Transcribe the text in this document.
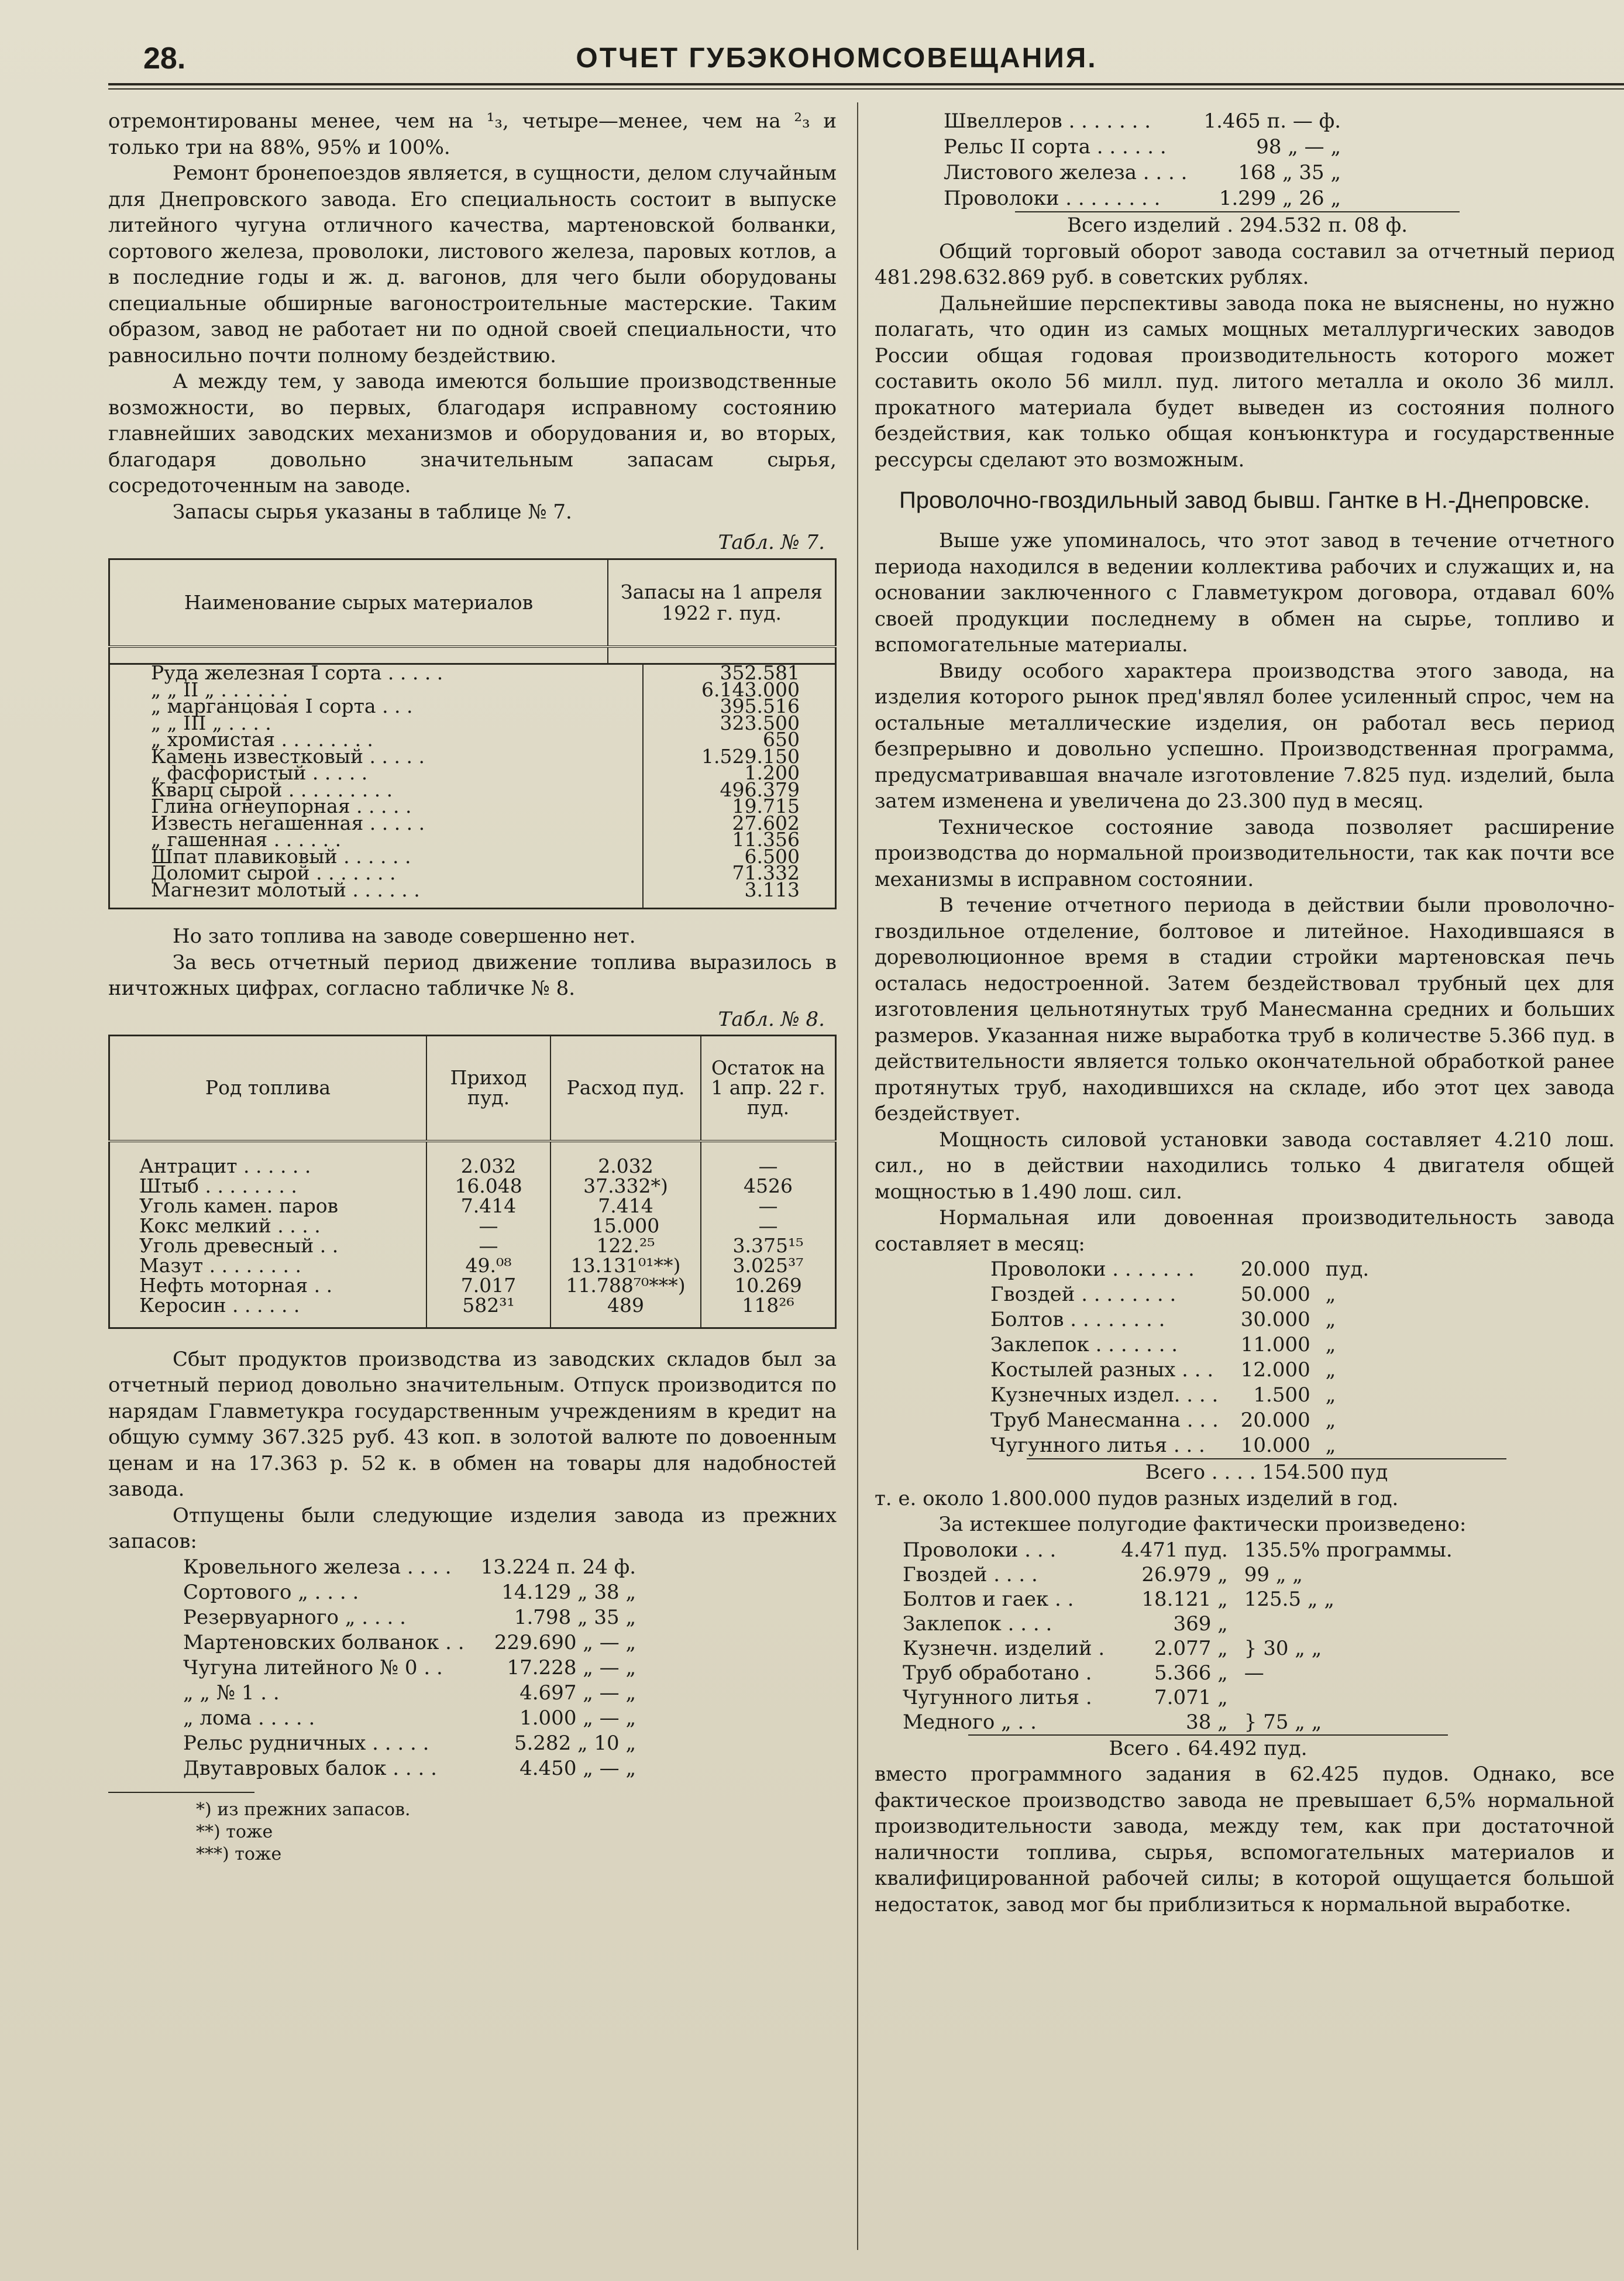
28.	ОТЧЕТ ГУБЭКОНОМСОВЕЩАНИЯ.

отремонтированы менее, чем на ¹₃, четыре—менее, чем на ²₃ и только три на 88%, 95% и 100%.

Ремонт бронепоездов является, в сущности, делом случайным для Днепровского завода. Его специальность состоит в выпуске литейного чугуна отличного качества, мартеновской болванки, сортового железа, проволоки, листового железа, паровых котлов, а в последние годы и ж. д. вагонов, для чего были оборудованы специальные обширные вагоностроительные мастерские. Таким образом, завод не работает ни по одной своей специальности, что равносильно почти полному бездействию.

А между тем, у завода имеются большие производственные возможности, во первых, благодаря исправному состоянию главнейших заводских механизмов и оборудования и, во вторых, благодаря довольно значительным запасам сырья, сосредоточенным на заводе.

Запасы сырья указаны в таблице № 7.

Табл. № 7.
Наименование сырых материалов	Запасы на 1 апреля 1922 г. пуд.

Руда железная I сорта . . . . .	352.581
„ „ II „ . . . . . .	6.143.000
„ марганцовая I сорта . . .	395.516
„ „ III „ . . . .	323.500
„ хромистая . . . . . . . .	650
Камень известковый . . . . .	1.529.150
„ фасфористый . . . . .	1.200
Кварц сырой . . . . . . . . .	496.379
Глина огнеупорная . . . . .	19.715
Известь негашенная . . . . .	27.602
„ гашенная . . . . . .	11.356
Шпат плавиковый . . . . . .	6.500
Доломит сырой . . . . . . .	71.332
Магнезит молотый . . . . . .	3.113

Но зато топлива на заводе совершенно нет.

За весь отчетный период движение топлива выразилось в ничтожных цифрах, согласно табличке № 8.

Табл. № 8.
Род топлива	Приход пуд.	Расход пуд.	Остаток на 1 апр. 22 г. пуд.

Антрацит . . . . . .	2.032	2.032	—
Штыб . . . . . . . .	16.048	37.332*)	4526
Уголь камен. паров	7.414	7.414	—
Кокс мелкий . . . .	—	15.000	—
Уголь древесный . .	—	122.²⁵	3.375¹⁵
Мазут . . . . . . . .	49.⁰⁸	13.131⁰¹**)	3.025³⁷
Нефть моторная . .	7.017	11.788⁷⁰***)	10.269
Керосин . . . . . .	582³¹	489	118²⁶

Сбыт продуктов производства из заводских складов был за отчетный период довольно значительным. Отпуск производится по нарядам Главметукра государственным учреждениям в кредит на общую сумму 367.325 руб. 43 коп. в золотой валюте по довоенным ценам и на 17.363 р. 52 к. в обмен на товары для надобностей завода.

Отпущены были следующие изделия завода из прежних запасов:

Кровельного железа . . . .	13.224 п. 24 ф.
Сортового „ . . . .	14.129 „ 38 „
Резервуарного „ . . . .	1.798 „ 35 „
Мартеновских болванок . .	229.690 „ — „
Чугуна литейного № 0 . .	17.228 „ — „
„ „ № 1 . .	4.697 „ — „
„ лома . . . . .	1.000 „ — „
Рельс рудничных . . . . .	5.282 „ 10 „
Двутавровых балок . . . .	4.450 „ — „
*) из прежних запасов.
**) тоже
***) тоже
Швеллеров . . . . . . .	1.465 п. — ф.
Рельс II сорта . . . . . .	98 „ — „
Листового железа . . . .	168 „ 35 „
Проволоки . . . . . . . .	1.299 „ 26 „
Всего изделий . 294.532 п. 08 ф.

Общий торговый оборот завода составил за отчетный период 481.298.632.869 руб. в советских рублях.

Дальнейшие перспективы завода пока не выяснены, но нужно полагать, что один из самых мощных металлургических заводов России общая годовая производительность которого может составить около 56 милл. пуд. литого металла и около 36 милл. прокатного материала будет выведен из состояния полного бездействия, как только общая конъюнктура и государственные рессурсы сделают это возможным.

Проволочно-гвоздильный завод бывш. Гантке в Н.-Днепровске.

Выше уже упоминалось, что этот завод в течение отчетного периода находился в ведении коллектива рабочих и служащих и, на основании заключенного с Главметукром договора, отдавал 60% своей продукции последнему в обмен на сырье, топливо и вспомогательные материалы.

Ввиду особого характера производства этого завода, на изделия которого рынок пред'являл более усиленный спрос, чем на остальные металлические изделия, он работал весь период безпрерывно и довольно успешно. Производственная программа, предусматривавшая вначале изготовление 7.825 пуд. изделий, была затем изменена и увеличена до 23.300 пуд в месяц.

Техническое состояние завода позволяет расширение производства до нормальной производительности, так как почти все механизмы в исправном состоянии.

В течение отчетного периода в действии были проволочно-гвоздильное отделение, болтовое и литейное. Находившаяся в дореволюционное время в стадии стройки мартеновская печь осталась недостроенной. Затем бездействовал трубный цех для изготовления цельнотянутых труб Манесманна средних и больших размеров. Указанная ниже выработка труб в количестве 5.366 пуд. в действительности является только окончательной обработкой ранее протянутых труб, находившихся на складе, ибо этот цех завода бездействует.

Мощность силовой установки завода составляет 4.210 лош. сил., но в действии находились только 4 двигателя общей мощностью в 1.490 лош. сил.

Нормальная или довоенная производительность завода составляет в месяц:

Проволоки . . . . . . .	20.000	пуд.
Гвоздей . . . . . . . .	50.000	„
Болтов . . . . . . . .	30.000	„
Заклепок . . . . . . .	11.000	„
Костылей разных . . .	12.000	„
Кузнечных издел. . . .	1.500	„
Труб Манесманна . . .	20.000	„
Чугунного литья . . .	10.000	„
Всего . . . . 154.500 пуд

т. е. около 1.800.000 пудов разных изделий в год.

За истекшее полугодие фактически произведено:

Проволоки . . .	4.471 пуд.	135.5% программы.
Гвоздей . . . .	26.979 „	99 „ „
Болтов и гаек . .	18.121 „	125.5 „ „
Заклепок . . . .	369 „	
Кузнечн. изделий .	2.077 „	} 30 „ „
Труб обработано .	5.366 „	—
Чугунного литья .	7.071 „	
Медного „ . .	38 „	} 75 „ „
Всего . 64.492 пуд.

вместо программного задания в 62.425 пудов. Однако, все фактическое производство завода не превышает 6,5% нормальной производительности завода, между тем, как при достаточной наличности топлива, сырья, вспомогательных материалов и квалифицированной рабочей силы; в которой ощущается большой недостаток, завод мог бы приблизиться к нормальной выработке.
